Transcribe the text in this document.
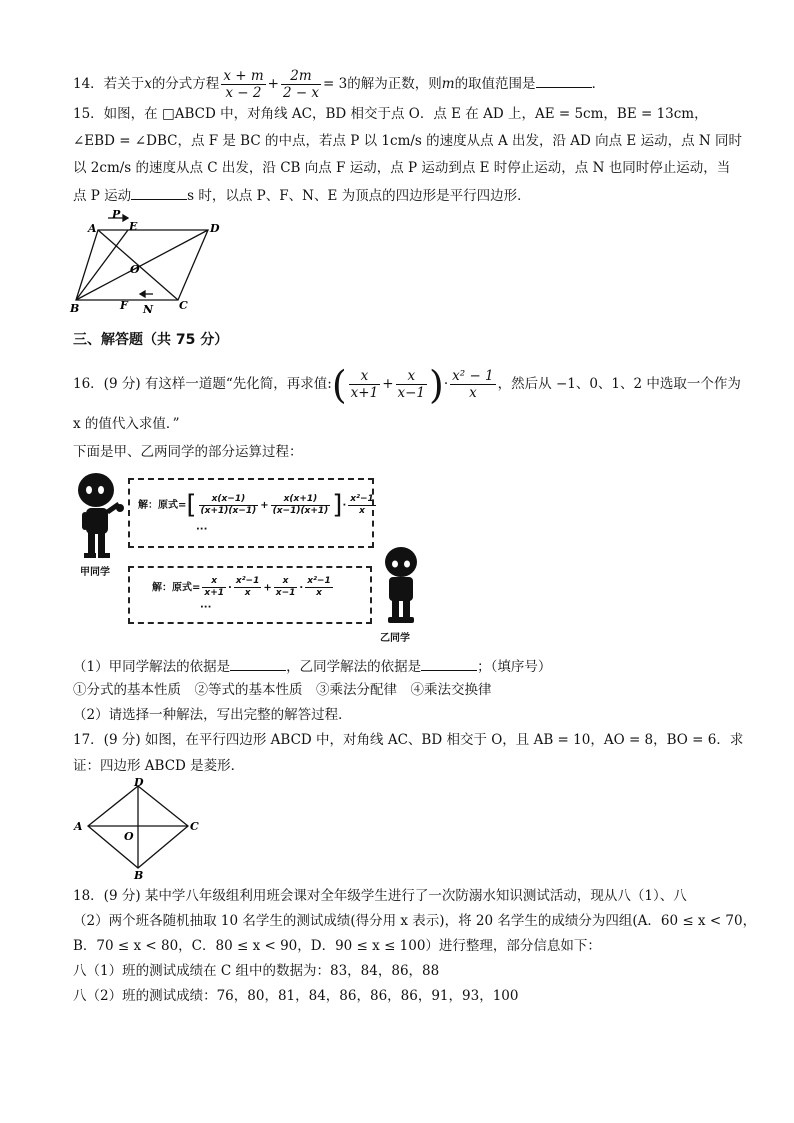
14．若关于x的分式方程 $\frac{x + m}{x - 2} + \frac{2m}{2 - x} = 3$的解为正数，则m的取值范围是	．
15．如图，在 □ABCD 中，对角线 AC，BD 相交于点 O．点 E 在 AD 上，AE = 5cm，BE = 13cm，
∠EBD = ∠DBC，点 F 是 BC 的中点，若点 P 以 1cm/s 的速度从点 A 出发，沿 AD 向点 E 运动，点 N 同时
以 2cm/s 的速度从点 C 出发，沿 CB 向点 F 运动，点 P 运动到点 E 时停止运动，点 N 也同时停止运动，当
点 P 运动	s 时，以点 P、F、N、E 为顶点的四边形是平行四边形．
A
P
E	D
O
B	F N C
三、解答题（共 75 分）
16．(9 分) 有这样一道题“先化简，再求值:( $\frac{x}{x+1} + \frac{x}{x-1}$ )· $\frac{\text{x² − 1}}{x}$ ，然后从 −1、0、1、2 中选取一个作为
x 的值代入求值．”
下面是甲、乙两同学的部分运算过程：
甲同学
解：原式=[ $\frac{x(x-1)}{(x+1)(x-1)} + \frac{x(x+1)}{(x-1)(x+1)}$ ]· $\frac{\text{x²−1}}{x}$
···
解：原式= $\frac{x}{x+1} \cdot \frac{\text{x²−1}}{x} + \frac{x}{x-1} \cdot \frac{\text{x²−1}}{x}$
···
乙同学
（1）甲同学解法的依据是	，乙同学解法的依据是	；（填序号）
①分式的基本性质　②等式的基本性质　③乘法分配律　④乘法交换律
（2）请选择一种解法，写出完整的解答过程．
17．(9 分) 如图，在平行四边形 ABCD 中，对角线 AC、BD 相交于 O，且 AB = 10，AO = 8，BO = 6．求
证：四边形 ABCD 是菱形．
D
A	C
O
B
18．(9 分) 某中学八年级组利用班会课对全年级学生进行了一次防溺水知识测试活动，现从八（1）、八
（2）两个班各随机抽取 10 名学生的测试成绩(得分用 x 表示)，将 20 名学生的成绩分为四组(A．60 ≤ x < 70，
B．70 ≤ x < 80，C．80 ≤ x < 90，D．90 ≤ x ≤ 100）进行整理，部分信息如下：
八（1）班的测试成绩在 C 组中的数据为：83，84，86，88
八（2）班的测试成绩：76，80，81，84，86，86，86，91，93，100
